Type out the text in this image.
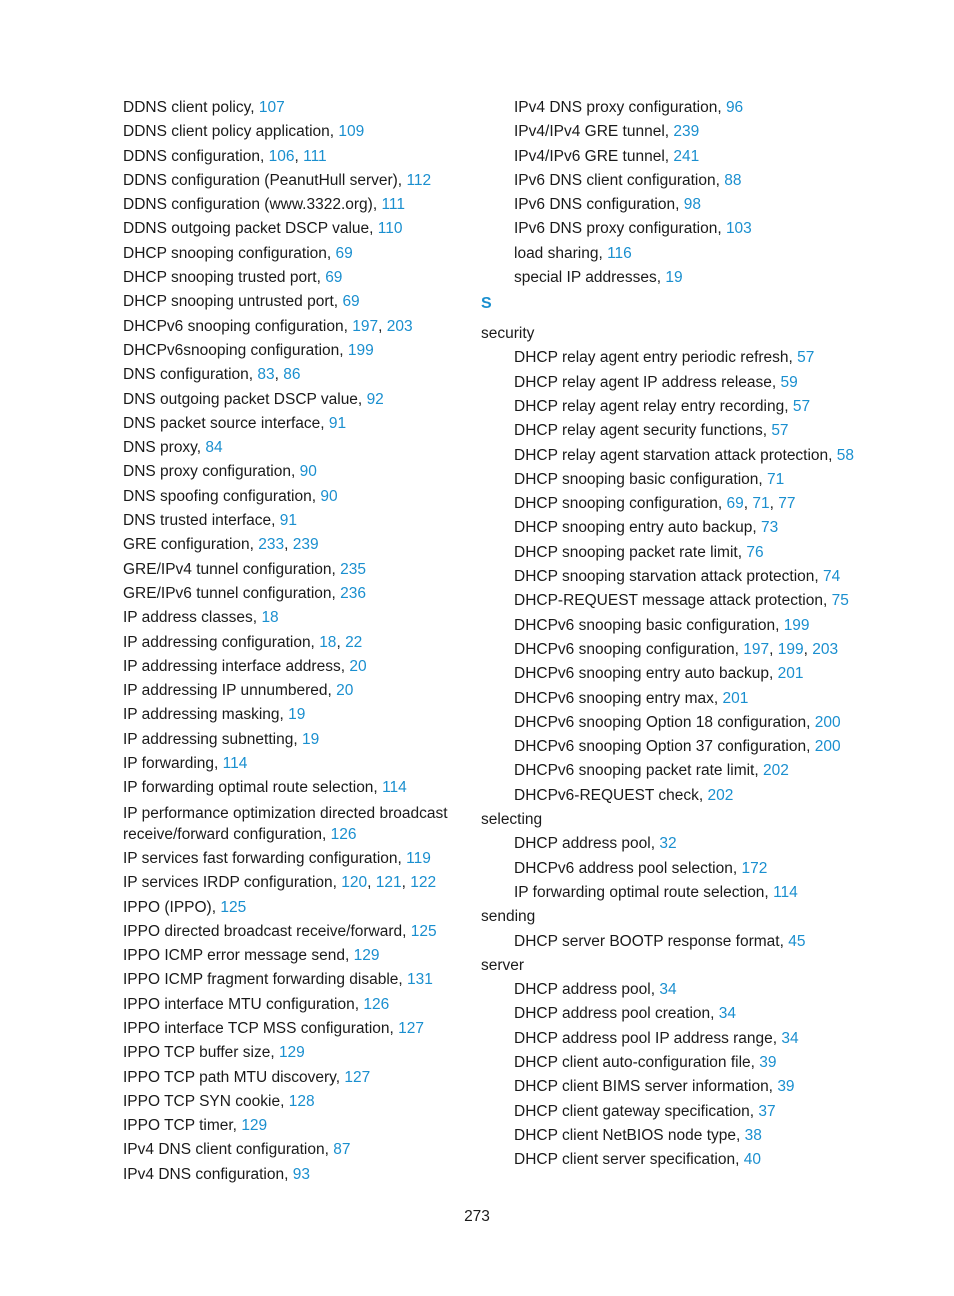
DDNS client policy, 107
DDNS client policy application, 109
DDNS configuration, 106, 111
DDNS configuration (PeanutHull server), 112
DDNS configuration (www.3322.org), 111
DDNS outgoing packet DSCP value, 110
DHCP snooping configuration, 69
DHCP snooping trusted port, 69
DHCP snooping untrusted port, 69
DHCPv6 snooping configuration, 197, 203
DHCPv6snooping configuration, 199
DNS configuration, 83, 86
DNS outgoing packet DSCP value, 92
DNS packet source interface, 91
DNS proxy, 84
DNS proxy configuration, 90
DNS spoofing configuration, 90
DNS trusted interface, 91
GRE configuration, 233, 239
GRE/IPv4 tunnel configuration, 235
GRE/IPv6 tunnel configuration, 236
IP address classes, 18
IP addressing configuration, 18, 22
IP addressing interface address, 20
IP addressing IP unnumbered, 20
IP addressing masking, 19
IP addressing subnetting, 19
IP forwarding, 114
IP forwarding optimal route selection, 114
IP performance optimization directed broadcast receive/forward configuration, 126
IP services fast forwarding configuration, 119
IP services IRDP configuration, 120, 121, 122
IPPO (IPPO), 125
IPPO directed broadcast receive/forward, 125
IPPO ICMP error message send, 129
IPPO ICMP fragment forwarding disable, 131
IPPO interface MTU configuration, 126
IPPO interface TCP MSS configuration, 127
IPPO TCP buffer size, 129
IPPO TCP path MTU discovery, 127
IPPO TCP SYN cookie, 128
IPPO TCP timer, 129
IPv4 DNS client configuration, 87
IPv4 DNS configuration, 93
IPv4 DNS proxy configuration, 96
IPv4/IPv4 GRE tunnel, 239
IPv4/IPv6 GRE tunnel, 241
IPv6 DNS client configuration, 88
IPv6 DNS configuration, 98
IPv6 DNS proxy configuration, 103
load sharing, 116
special IP addresses, 19
S
security
DHCP relay agent entry periodic refresh, 57
DHCP relay agent IP address release, 59
DHCP relay agent relay entry recording, 57
DHCP relay agent security functions, 57
DHCP relay agent starvation attack protection, 58
DHCP snooping basic configuration, 71
DHCP snooping configuration, 69, 71, 77
DHCP snooping entry auto backup, 73
DHCP snooping packet rate limit, 76
DHCP snooping starvation attack protection, 74
DHCP-REQUEST message attack protection, 75
DHCPv6 snooping basic configuration, 199
DHCPv6 snooping configuration, 197, 199, 203
DHCPv6 snooping entry auto backup, 201
DHCPv6 snooping entry max, 201
DHCPv6 snooping Option 18 configuration, 200
DHCPv6 snooping Option 37 configuration, 200
DHCPv6 snooping packet rate limit, 202
DHCPv6-REQUEST check, 202
selecting
DHCP address pool, 32
DHCPv6 address pool selection, 172
IP forwarding optimal route selection, 114
sending
DHCP server BOOTP response format, 45
server
DHCP address pool, 34
DHCP address pool creation, 34
DHCP address pool IP address range, 34
DHCP client auto-configuration file, 39
DHCP client BIMS server information, 39
DHCP client gateway specification, 37
DHCP client NetBIOS node type, 38
DHCP client server specification, 40
273
